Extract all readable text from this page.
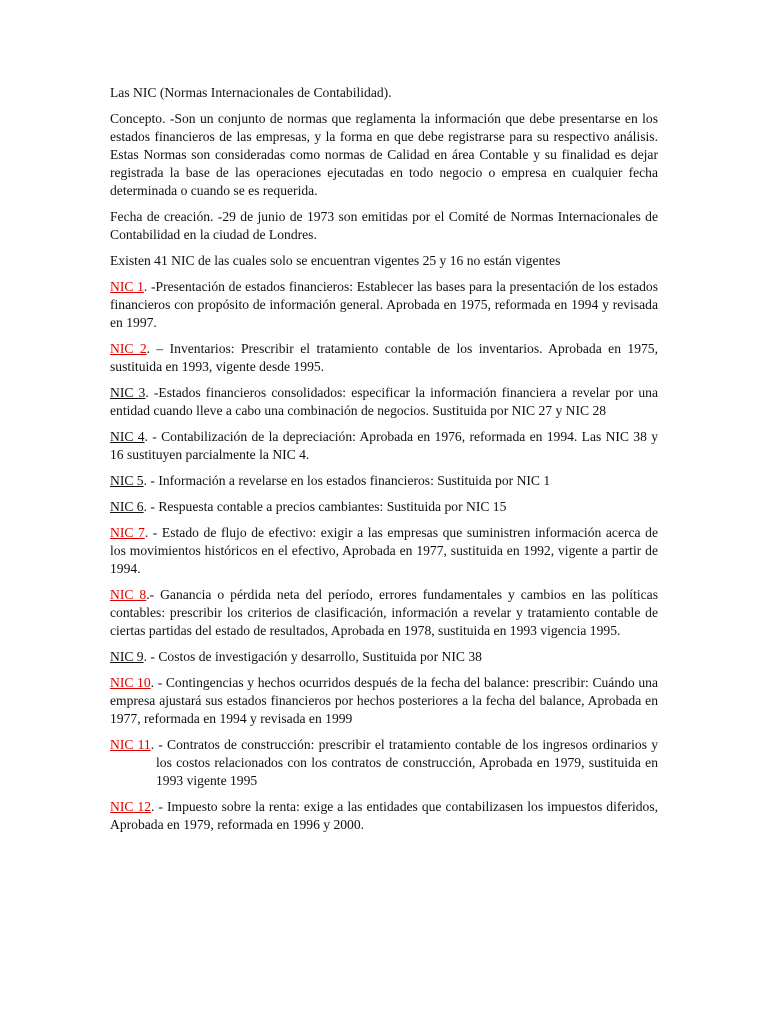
Las NIC (Normas Internacionales de Contabilidad).

Concepto. -Son un conjunto de normas que reglamenta la información que debe presentarse en los estados financieros de las empresas, y la forma en que debe registrarse para su respectivo análisis. Estas Normas son consideradas como normas de Calidad en área Contable y su finalidad es dejar registrada la base de las operaciones ejecutadas en todo negocio o empresa en cualquier fecha determinada o cuando se es requerida.

Fecha de creación. -29 de junio de 1973 son emitidas por el Comité de Normas Internacionales de Contabilidad en la ciudad de Londres.

Existen 41 NIC de las cuales solo se encuentran vigentes 25 y 16 no están vigentes

NIC 1. -Presentación de estados financieros: Establecer las bases para la presentación de los estados financieros con propósito de información general. Aprobada en 1975, reformada en 1994 y revisada en 1997.

NIC 2. – Inventarios: Prescribir el tratamiento contable de los inventarios. Aprobada en 1975, sustituida en 1993, vigente desde 1995.

NIC 3. -Estados financieros consolidados: especificar la información financiera a revelar por una entidad cuando lleve a cabo una combinación de negocios. Sustituida por NIC 27 y NIC 28

NIC 4. - Contabilización de la depreciación: Aprobada en 1976, reformada en 1994. Las NIC 38 y 16 sustituyen parcialmente la NIC 4.

NIC 5. - Información a revelarse en los estados financieros: Sustituida por NIC 1

NIC 6. - Respuesta contable a precios cambiantes: Sustituida por NIC 15

NIC 7. - Estado de flujo de efectivo: exigir a las empresas que suministren información acerca de los movimientos históricos en el efectivo, Aprobada en 1977, sustituida en 1992, vigente a partir de 1994.

NIC 8.- Ganancia o pérdida neta del período, errores fundamentales y cambios en las políticas contables: prescribir los criterios de clasificación, información a revelar y tratamiento contable de ciertas partidas del estado de resultados, Aprobada en 1978, sustituida en 1993 vigencia 1995.

NIC 9. - Costos de investigación y desarrollo, Sustituida por NIC 38

NIC 10. - Contingencias y hechos ocurridos después de la fecha del balance: prescribir: Cuándo una empresa ajustará sus estados financieros por hechos posteriores a la fecha del balance, Aprobada en 1977, reformada en 1994 y revisada en 1999

NIC 11. - Contratos de construcción: prescribir el tratamiento contable de los ingresos ordinarios y los costos relacionados con los contratos de construcción, Aprobada en 1979, sustituida en 1993 vigente 1995

NIC 12. - Impuesto sobre la renta: exige a las entidades que contabilizasen los impuestos diferidos, Aprobada en 1979, reformada en 1996 y 2000.
